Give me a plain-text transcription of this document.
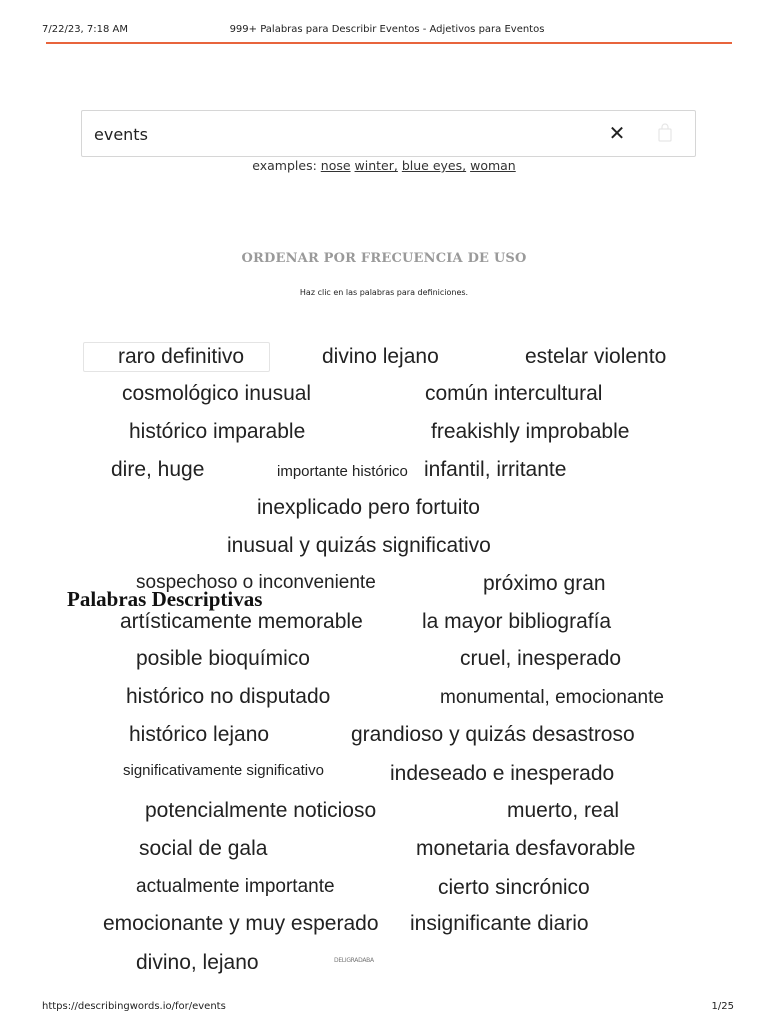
7/22/23, 7:18 AM	999+ Palabras para Describir Eventos - Adjetivos para Eventos
events
✕
examples: nose winter, blue eyes, woman
ORDENAR POR FRECUENCIA DE USO
Haz clic en las palabras para definiciones.
raro definitivo	divino lejano	estelar violento
cosmológico inusual	común intercultural
histórico imparable	freakishly improbable
dire, huge	importante histórico infantil, irritante
inexplicado pero fortuito
inusual y quizás significativo
sospechoso o inconveniente	próximo gran
artísticamente memorable	la mayor bibliografía
posible bioquímico	cruel, inesperado
histórico no disputado	monumental, emocionante
histórico lejano	grandioso y quizás desastroso
significativamente significativo	indeseado e inesperado
potencialmente noticioso	muerto, real
social de gala	monetaria desfavorable
actualmente importante	cierto sincrónico
emocionante y muy esperado insignificante diario
divino, lejano
Palabras Descriptivas
DELIGRADABA
https://describingwords.io/for/events	1/25
